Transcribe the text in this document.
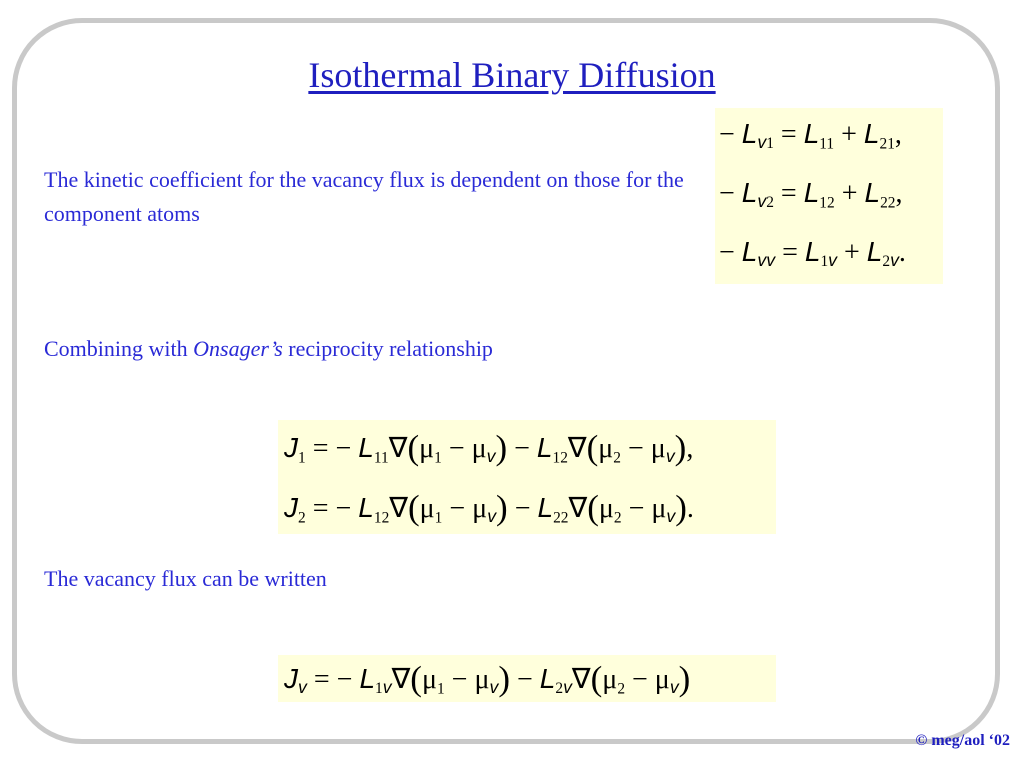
Isothermal Binary Diffusion

The kinetic coefficient for the vacancy flux is dependent on those for the component atoms

Combining with Onsager’s reciprocity relationship

The vacancy flux can be written

− $L_{v1} = L_{11} + L_{21}$,
− $L_{v2} = L_{12} + L_{22}$,
− $L_{vv} = L_{1v} + L_{2v}$.
$J_1$ = − $L_{11}\nabla(\mu_1 - \mu_v) - L_{12}\nabla(\mu_2 - \mu_v)$,
$J_2$ = − $L_{12}\nabla(\mu_1 - \mu_v) - L_{22}\nabla(\mu_2 - \mu_v)$.
$J_v$ = − $L_{1v}\nabla(\mu_1 - \mu_v) - L_{2v}\nabla(\mu_2 - \mu_v)$
© meg/aol ‘02
